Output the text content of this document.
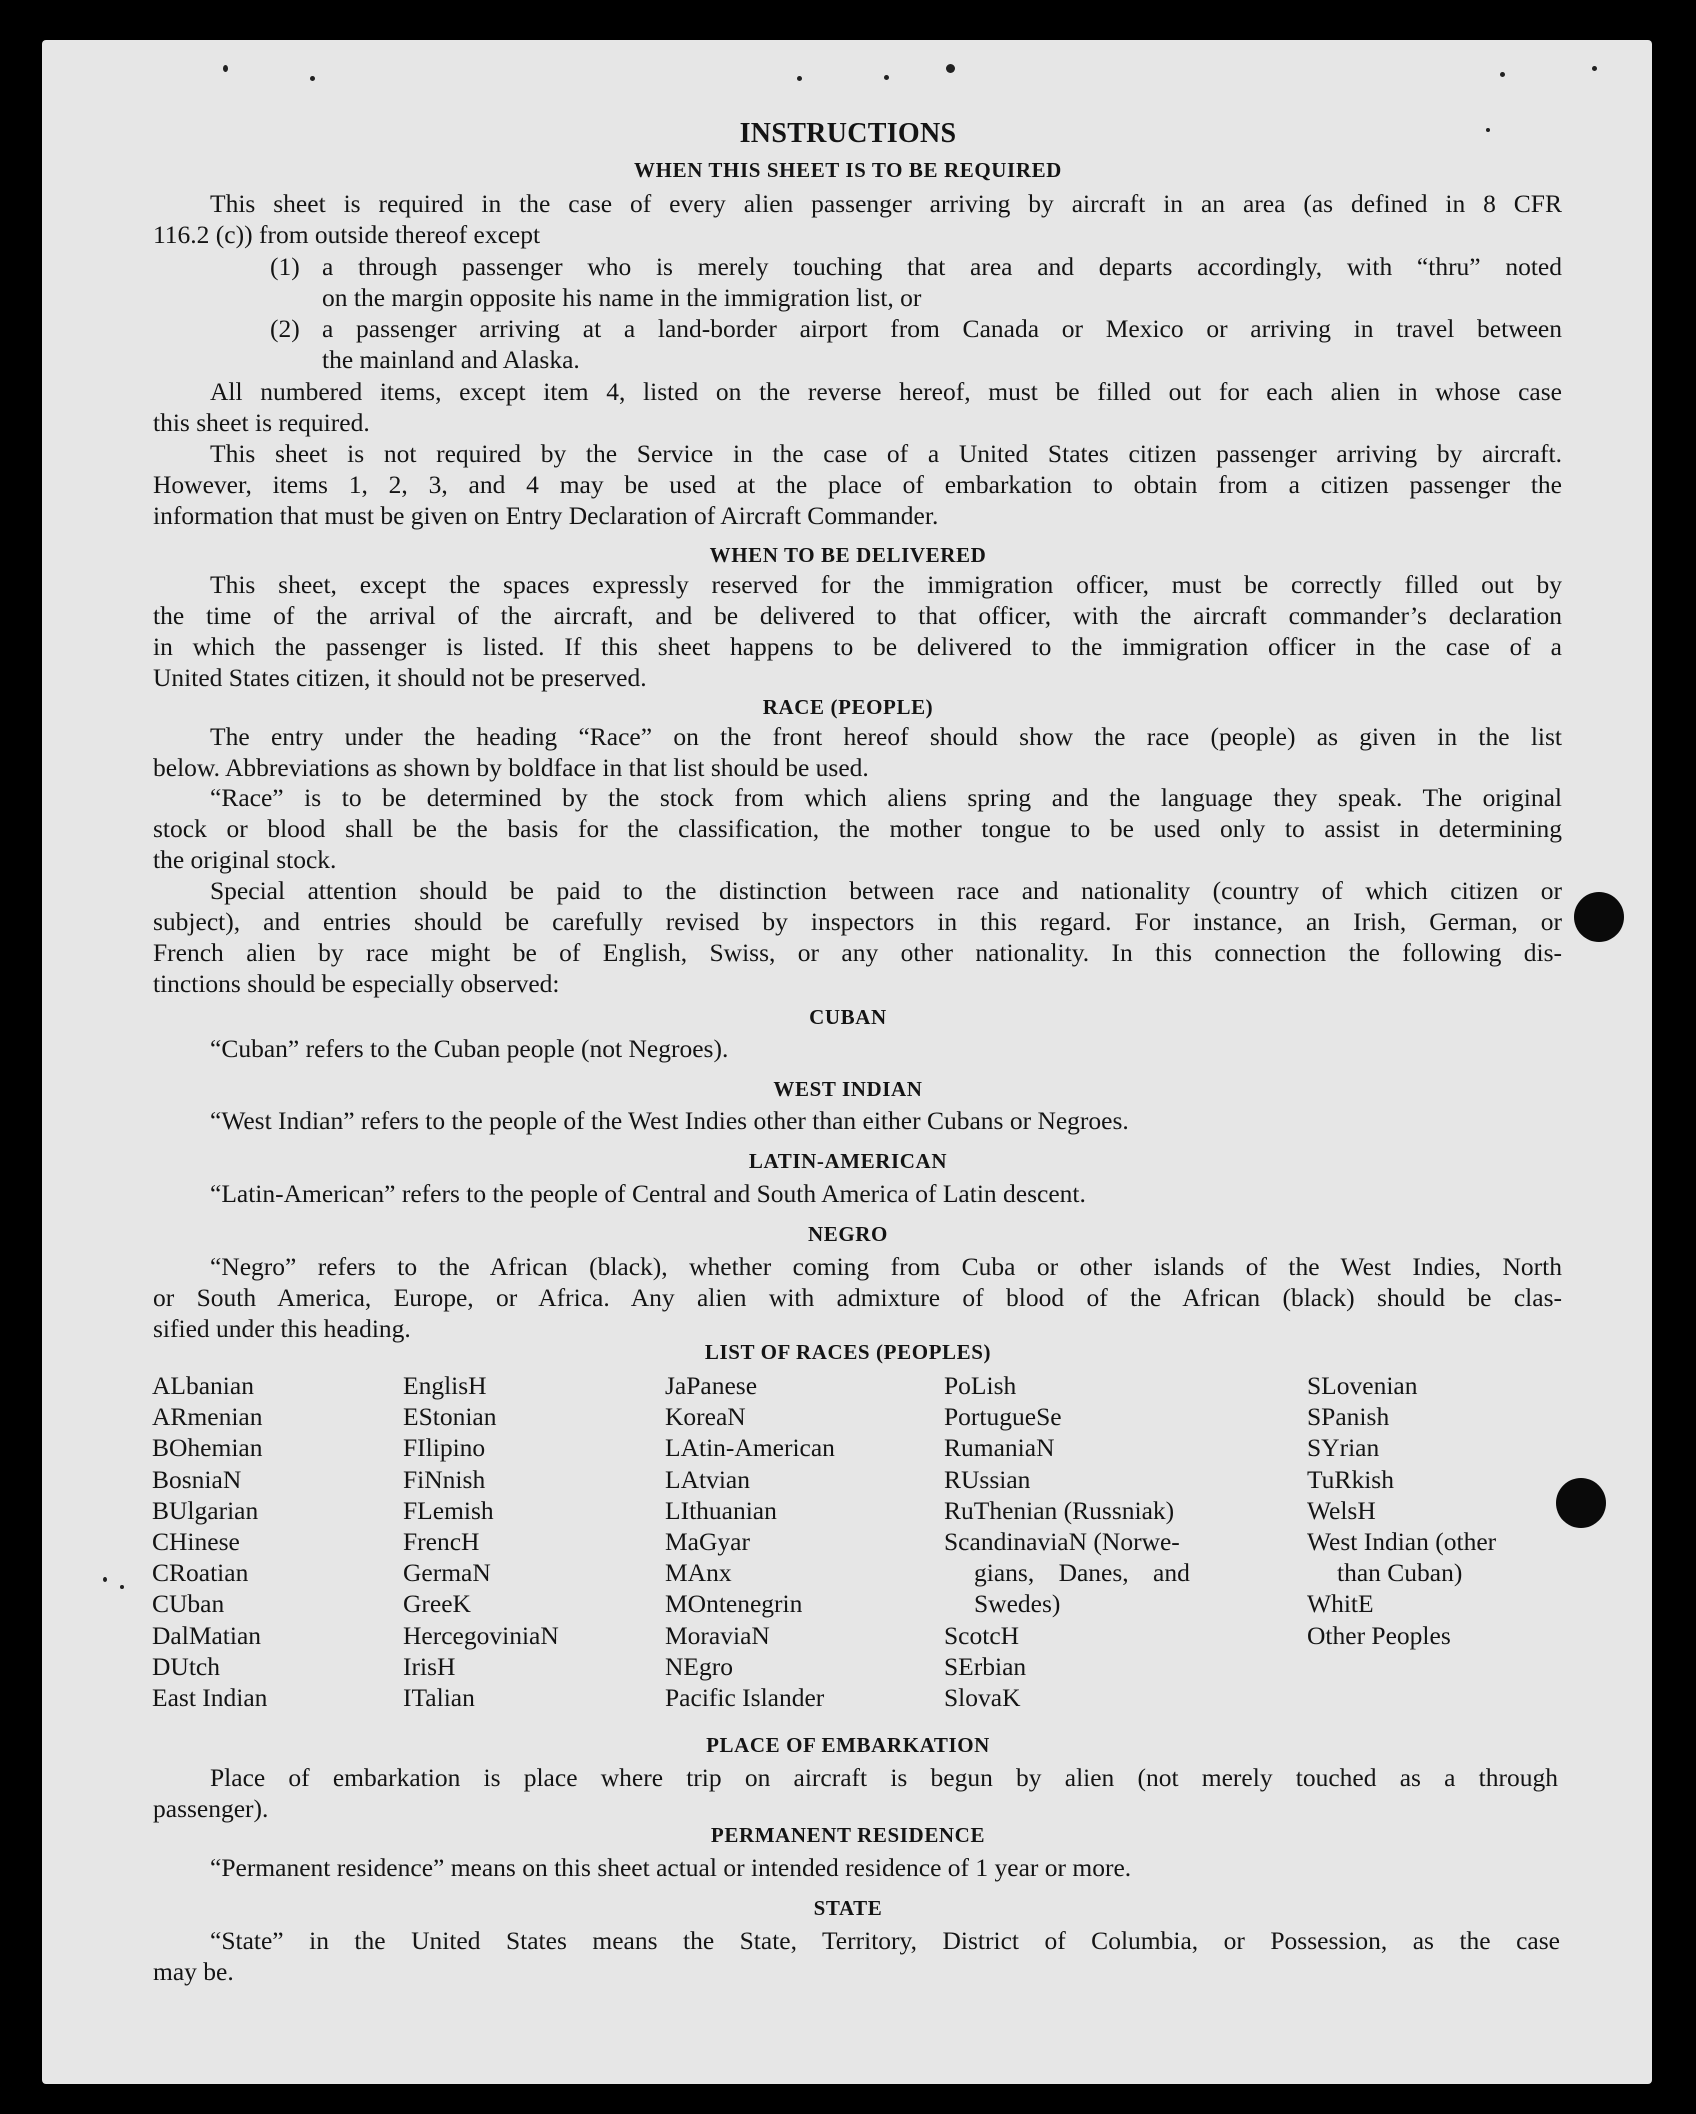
INSTRUCTIONS
WHEN THIS SHEET IS TO BE REQUIRED
This sheet is required in the case of every alien passenger arriving by aircraft in an area (as defined in 8 CFR
116.2 (c)) from outside thereof except
(1) a through passenger who is merely touching that area and departs accordingly, with “thru” noted
on the margin opposite his name in the immigration list, or
(2) a passenger arriving at a land-border airport from Canada or Mexico or arriving in travel between
the mainland and Alaska.
All numbered items, except item 4, listed on the reverse hereof, must be filled out for each alien in whose case
this sheet is required.
This sheet is not required by the Service in the case of a United States citizen passenger arriving by aircraft.
However, items 1, 2, 3, and 4 may be used at the place of embarkation to obtain from a citizen passenger the
information that must be given on Entry Declaration of Aircraft Commander.
WHEN TO BE DELIVERED
This sheet, except the spaces expressly reserved for the immigration officer, must be correctly filled out by
the time of the arrival of the aircraft, and be delivered to that officer, with the aircraft commander’s declaration
in which the passenger is listed. If this sheet happens to be delivered to the immigration officer in the case of a
United States citizen, it should not be preserved.
RACE (PEOPLE)
The entry under the heading “Race” on the front hereof should show the race (people) as given in the list
below. Abbreviations as shown by boldface in that list should be used.
“Race” is to be determined by the stock from which aliens spring and the language they speak. The original
stock or blood shall be the basis for the classification, the mother tongue to be used only to assist in determining
the original stock.
Special attention should be paid to the distinction between race and nationality (country of which citizen or
subject), and entries should be carefully revised by inspectors in this regard. For instance, an Irish, German, or
French alien by race might be of English, Swiss, or any other nationality. In this connection the following dis-
tinctions should be especially observed:
CUBAN
“Cuban” refers to the Cuban people (not Negroes).
WEST INDIAN
“West Indian” refers to the people of the West Indies other than either Cubans or Negroes.
LATIN-AMERICAN
“Latin-American” refers to the people of Central and South America of Latin descent.
NEGRO
“Negro” refers to the African (black), whether coming from Cuba or other islands of the West Indies, North
or South America, Europe, or Africa. Any alien with admixture of blood of the African (black) should be clas-
sified under this heading.
LIST OF RACES (PEOPLES)
ALbanian
ARmenian
BOhemian
BosniaN
BUlgarian
CHinese
CRoatian
CUban
DalMatian
DUtch
East Indian
EnglisH
EStonian
FIlipino
FiNnish
FLemish
FrencH
GermaN
GreeK
HercegoviniaN
IrisH
ITalian
JaPanese
KoreaN
LAtin-American
LAtvian
LIthuanian
MaGyar
MAnx
MOntenegrin
MoraviaN
NEgro
Pacific Islander
PoLish
PortugueSe
RumaniaN
RUssian
RuThenian (Russniak)
ScandinaviaN (Norwe-
gians, Danes, and
Swedes)
ScotcH
SErbian
SlovaK
SLovenian
SPanish
SYrian
TuRkish
WelsH
West Indian (other
than Cuban)
WhitE
Other Peoples
PLACE OF EMBARKATION
Place of embarkation is place where trip on aircraft is begun by alien (not merely touched as a through
passenger).
PERMANENT RESIDENCE
“Permanent residence” means on this sheet actual or intended residence of 1 year or more.
STATE
“State” in the United States means the State, Territory, District of Columbia, or Possession, as the case
may be.
